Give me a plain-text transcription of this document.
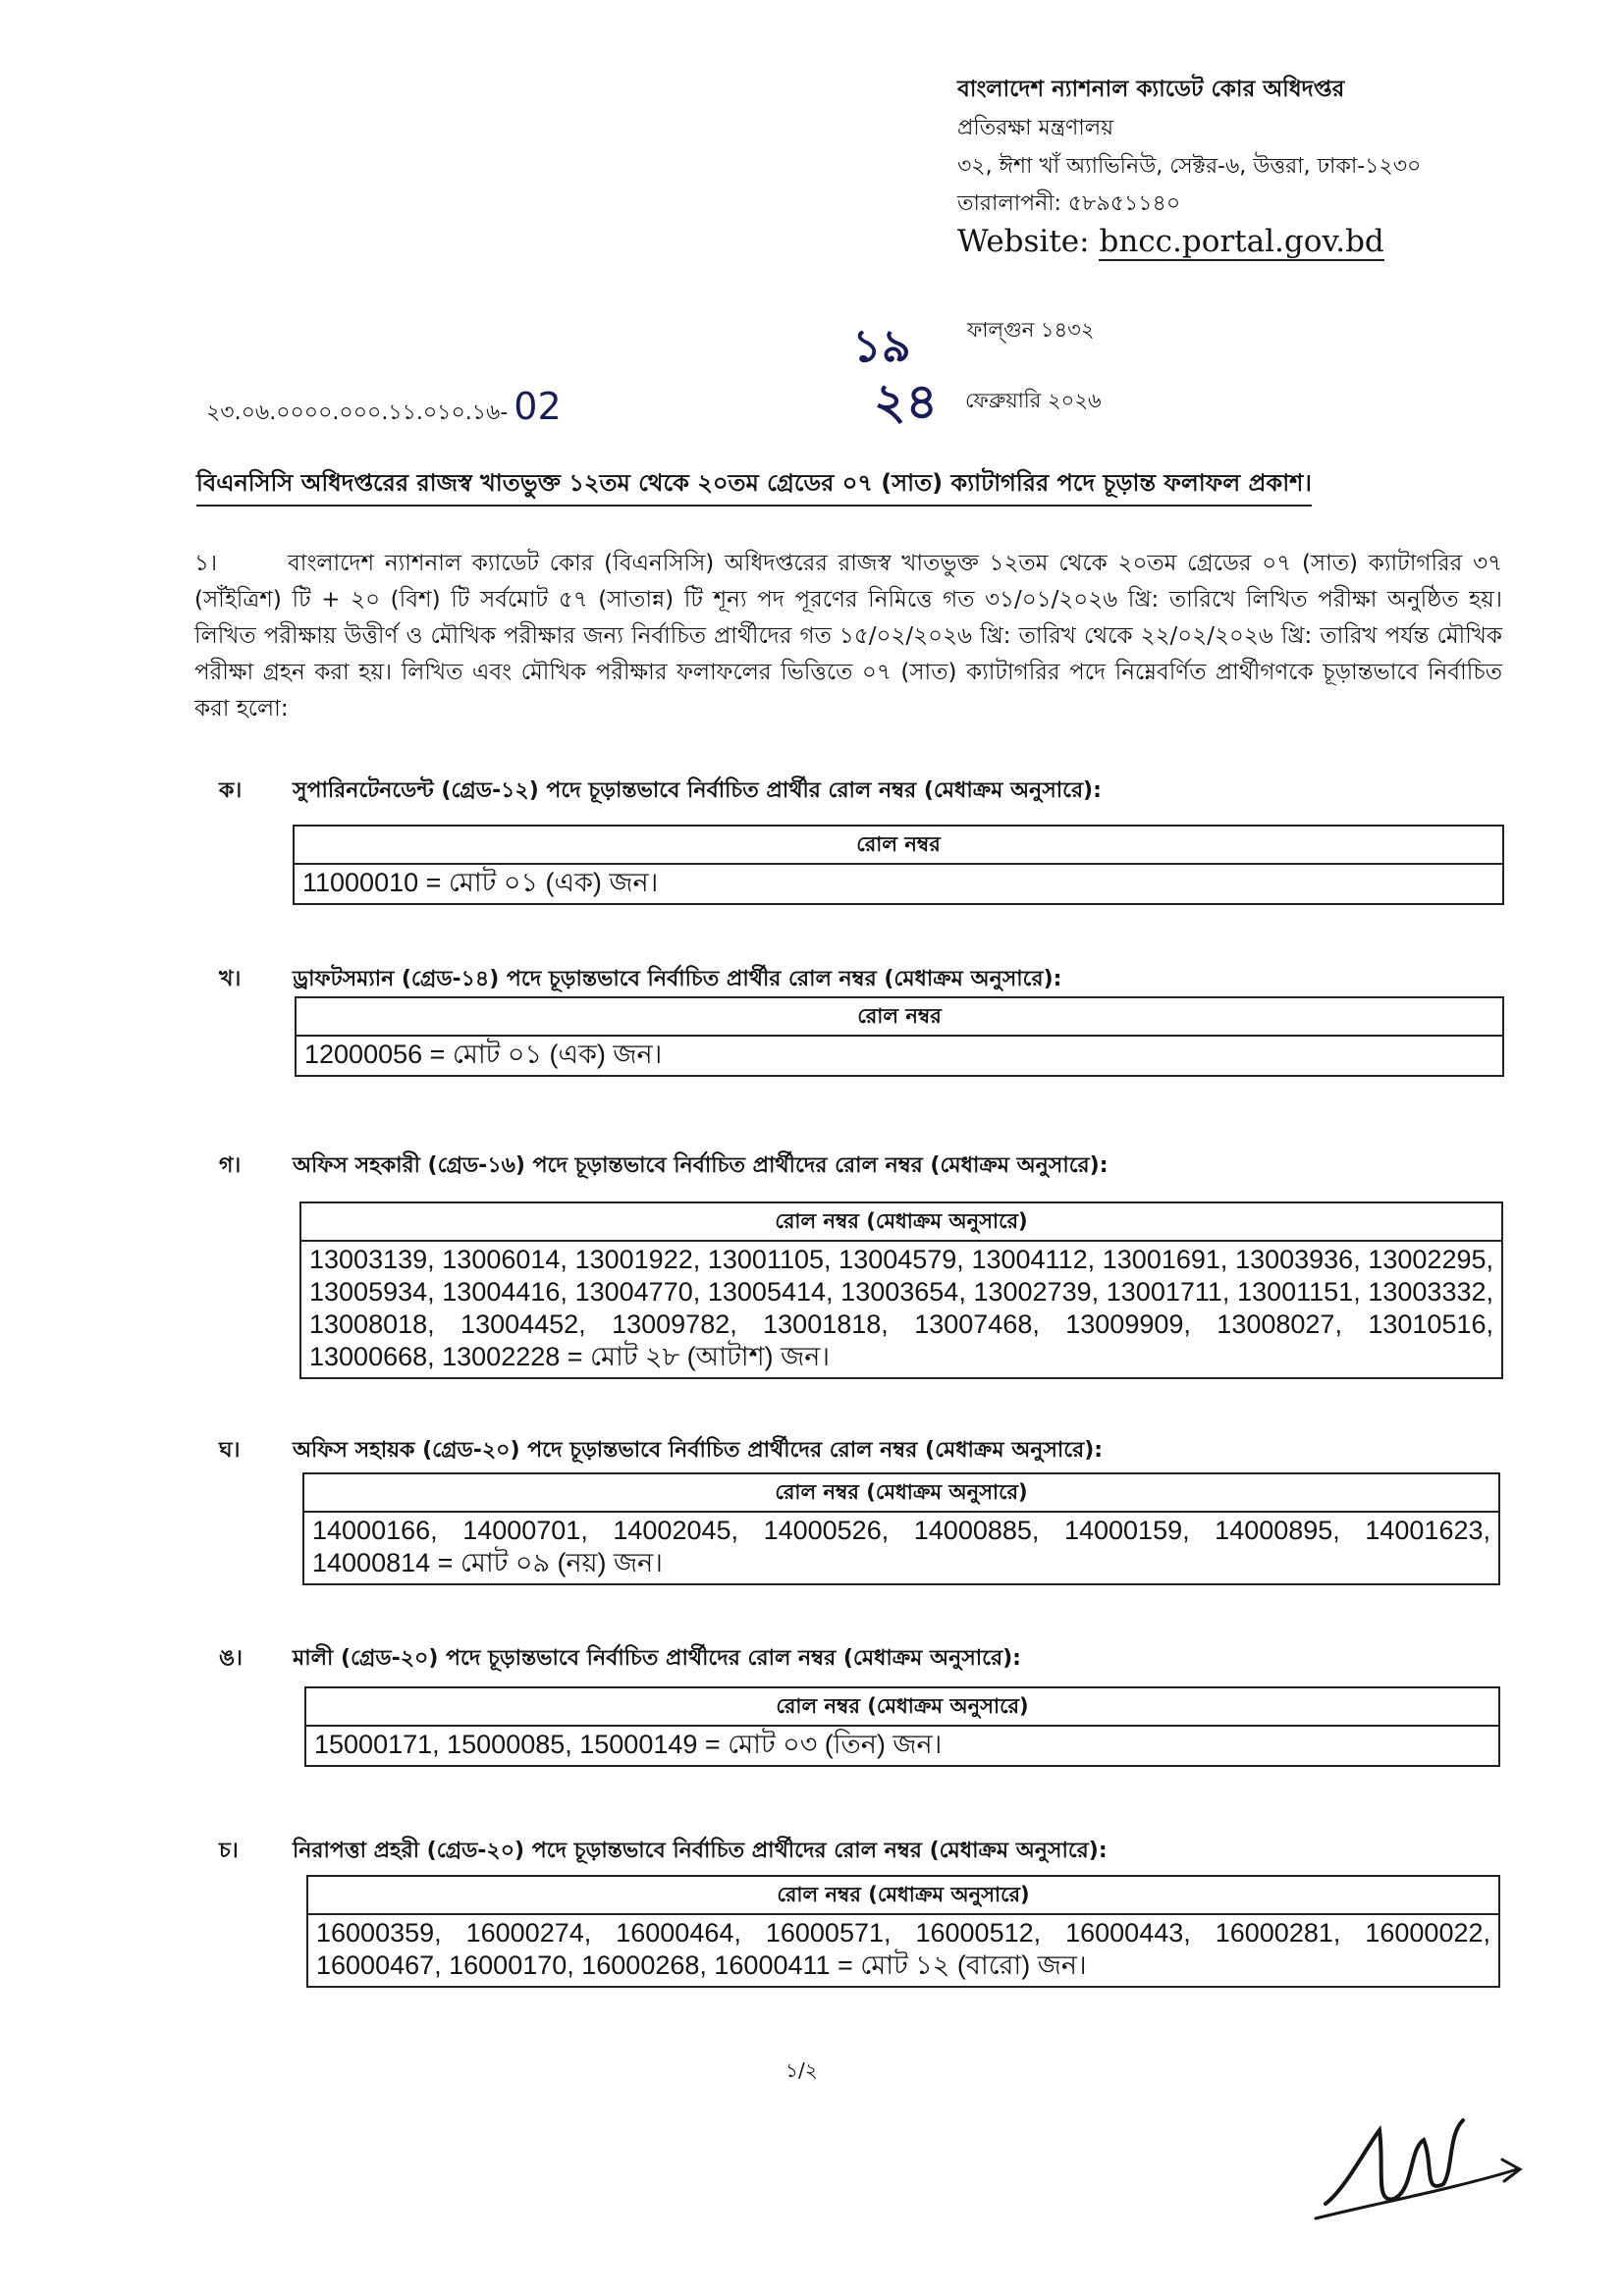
বাংলাদেশ ন্যাশনাল ক্যাডেট কোর অধিদপ্তর
প্রতিরক্ষা মন্ত্রণালয়
৩২, ঈশা খাঁ অ্যাভিনিউ, সেক্টর-৬, উত্তরা, ঢাকা-১২৩০
তারালাপনী: ৫৮৯৫১১৪০
Website: bncc.portal.gov.bd
১৯	ফাল্গুন ১৪৩২
২৪ ফেব্রুয়ারি ২০২৬
২৩.০৬.০০০০.০০০.১১.০১০.১৬- 02
বিএনসিসি অধিদপ্তরের রাজস্ব খাতভুক্ত ১২তম থেকে ২০তম গ্রেডের ০৭ (সাত) ক্যাটাগরির পদে চূড়ান্ত ফলাফল প্রকাশ।
১।	বাংলাদেশ ন্যাশনাল ক্যাডেট কোর (বিএনসিসি) অধিদপ্তরের রাজস্ব খাতভুক্ত ১২তম থেকে ২০তম গ্রেডের ০৭ (সাত) ক্যাটাগরির ৩৭ (সাঁইত্রিশ) টি + ২০ (বিশ) টি সর্বমোট ৫৭ (সাতান্ন) টি শূন্য পদ পূরণের নিমিত্তে গত ৩১/০১/২০২৬ খ্রি: তারিখে লিখিত পরীক্ষা অনুষ্ঠিত হয়। লিখিত পরীক্ষায় উত্তীর্ণ ও মৌখিক পরীক্ষার জন্য নির্বাচিত প্রার্থীদের গত ১৫/০২/২০২৬ খ্রি: তারিখ থেকে ২২/০২/২০২৬ খ্রি: তারিখ পর্যন্ত মৌখিক পরীক্ষা গ্রহন করা হয়। লিখিত এবং মৌখিক পরীক্ষার ফলাফলের ভিত্তিতে ০৭ (সাত) ক্যাটাগরির পদে নিম্নেবর্ণিত প্রার্থীগণকে চূড়ান্তভাবে নির্বাচিত করা হলো:
ক। সুপারিনটেনডেন্ট (গ্রেড-১২) পদে চূড়ান্তভাবে নির্বাচিত প্রার্থীর রোল নম্বর (মেধাক্রম অনুসারে):
রোল নম্বর
11000010 = মোট ০১ (এক) জন।
খ। ড্রাফটসম্যান (গ্রেড-১৪) পদে চূড়ান্তভাবে নির্বাচিত প্রার্থীর রোল নম্বর (মেধাক্রম অনুসারে):
রোল নম্বর
12000056 = মোট ০১ (এক) জন।
গ। অফিস সহকারী (গ্রেড-১৬) পদে চূড়ান্তভাবে নির্বাচিত প্রার্থীদের রোল নম্বর (মেধাক্রম অনুসারে):
রোল নম্বর (মেধাক্রম অনুসারে)
13003139, 13006014, 13001922, 13001105, 13004579, 13004112, 13001691, 13003936, 13002295, 13005934, 13004416, 13004770, 13005414, 13003654, 13002739, 13001711, 13001151, 13003332, 13008018, 13004452, 13009782, 13001818, 13007468, 13009909, 13008027, 13010516, 13000668, 13002228 = মোট ২৮ (আটাশ) জন।
ঘ। অফিস সহায়ক (গ্রেড-২০) পদে চূড়ান্তভাবে নির্বাচিত প্রার্থীদের রোল নম্বর (মেধাক্রম অনুসারে):
রোল নম্বর (মেধাক্রম অনুসারে)
14000166, 14000701, 14002045, 14000526, 14000885, 14000159, 14000895, 14001623, 14000814 = মোট ০৯ (নয়) জন।
ঙ। মালী (গ্রেড-২০) পদে চূড়ান্তভাবে নির্বাচিত প্রার্থীদের রোল নম্বর (মেধাক্রম অনুসারে):
রোল নম্বর (মেধাক্রম অনুসারে)
15000171, 15000085, 15000149 = মোট ০৩ (তিন) জন।
চ।	নিরাপত্তা প্রহরী (গ্রেড-২০) পদে চূড়ান্তভাবে নির্বাচিত প্রার্থীদের রোল নম্বর (মেধাক্রম অনুসারে):
রোল নম্বর (মেধাক্রম অনুসারে)
16000359, 16000274, 16000464, 16000571, 16000512, 16000443, 16000281, 16000022, 16000467, 16000170, 16000268, 16000411 = মোট ১২ (বারো) জন।
১/২
